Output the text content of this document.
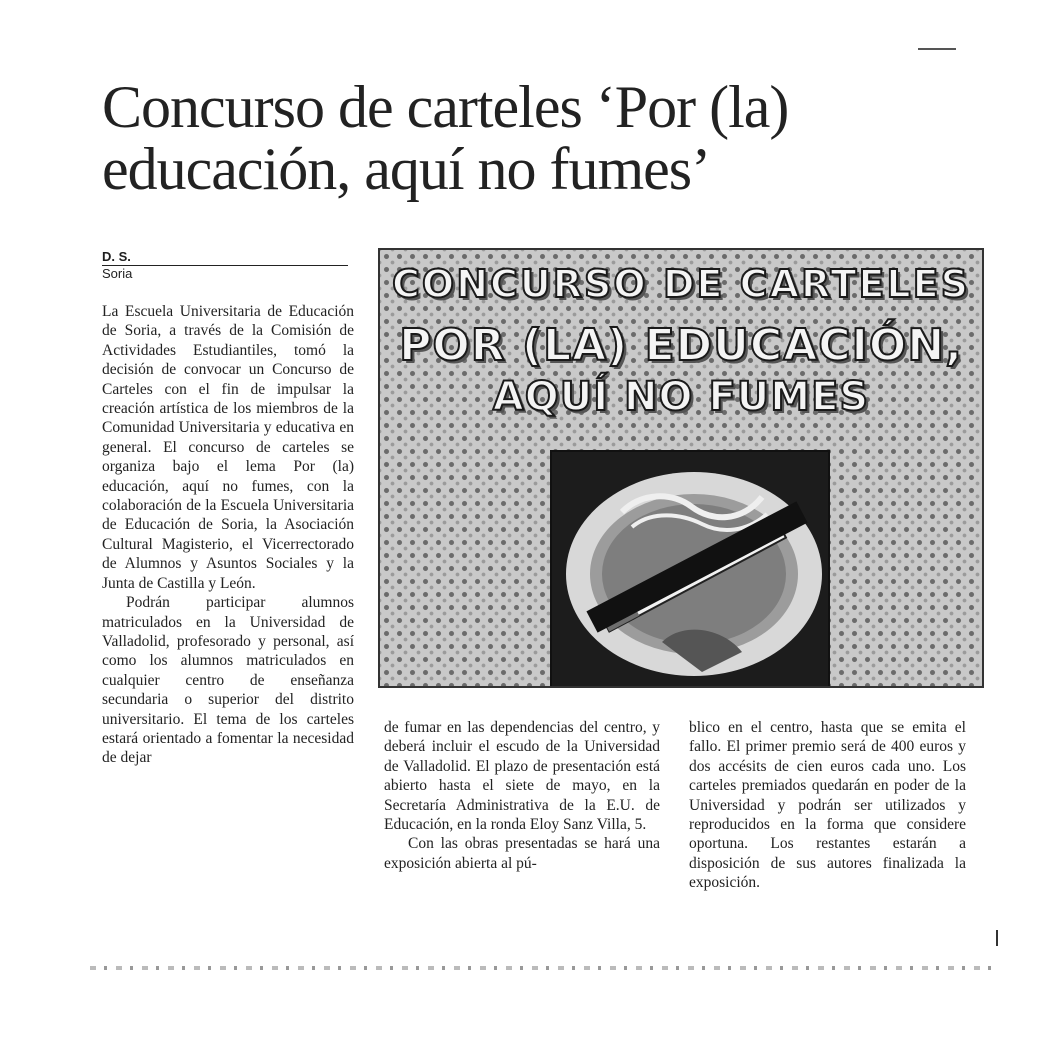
Concurso de carteles ‘Por (la)
educación, aquí no fumes’
D. S.
Soria

La Escuela Universitaria de Educación de Soria, a través de la Comisión de Actividades Estudiantiles, tomó la decisión de convocar un Concurso de Carteles con el fin de impulsar la creación artística de los miembros de la Comunidad Universitaria y educativa en general. El concurso de carteles se organiza bajo el lema Por (la) educación, aquí no fumes, con la colaboración de la Escuela Universitaria de Educación de Soria, la Asociación Cultural Magisterio, el Vicerrectorado de Alumnos y Asuntos Sociales y la Junta de Castilla y León.

Podrán participar alumnos matriculados en la Universidad de Valladolid, profesorado y personal, así como los alumnos matriculados en cualquier centro de enseñanza secundaria o superior del distrito universitario. El tema de los carteles estará orientado a fomentar la necesidad de dejar

CONCURSO DE CARTELES
POR (LA) EDUCACIÓN,
AQUÍ NO FUMES

de fumar en las dependencias del centro, y deberá incluir el escudo de la Universidad de Valladolid. El plazo de presentación está abierto hasta el siete de mayo, en la Secretaría Administrativa de la E.U. de Educación, en la ronda Eloy Sanz Villa, 5.

Con las obras presentadas se hará una exposición abierta al pú-

blico en el centro, hasta que se emita el fallo. El primer premio será de 400 euros y dos accésits de cien euros cada uno. Los carteles premiados quedarán en poder de la Universidad y podrán ser utilizados y reproducidos en la forma que considere oportuna. Los restantes estarán a disposición de sus autores finalizada la exposición.
